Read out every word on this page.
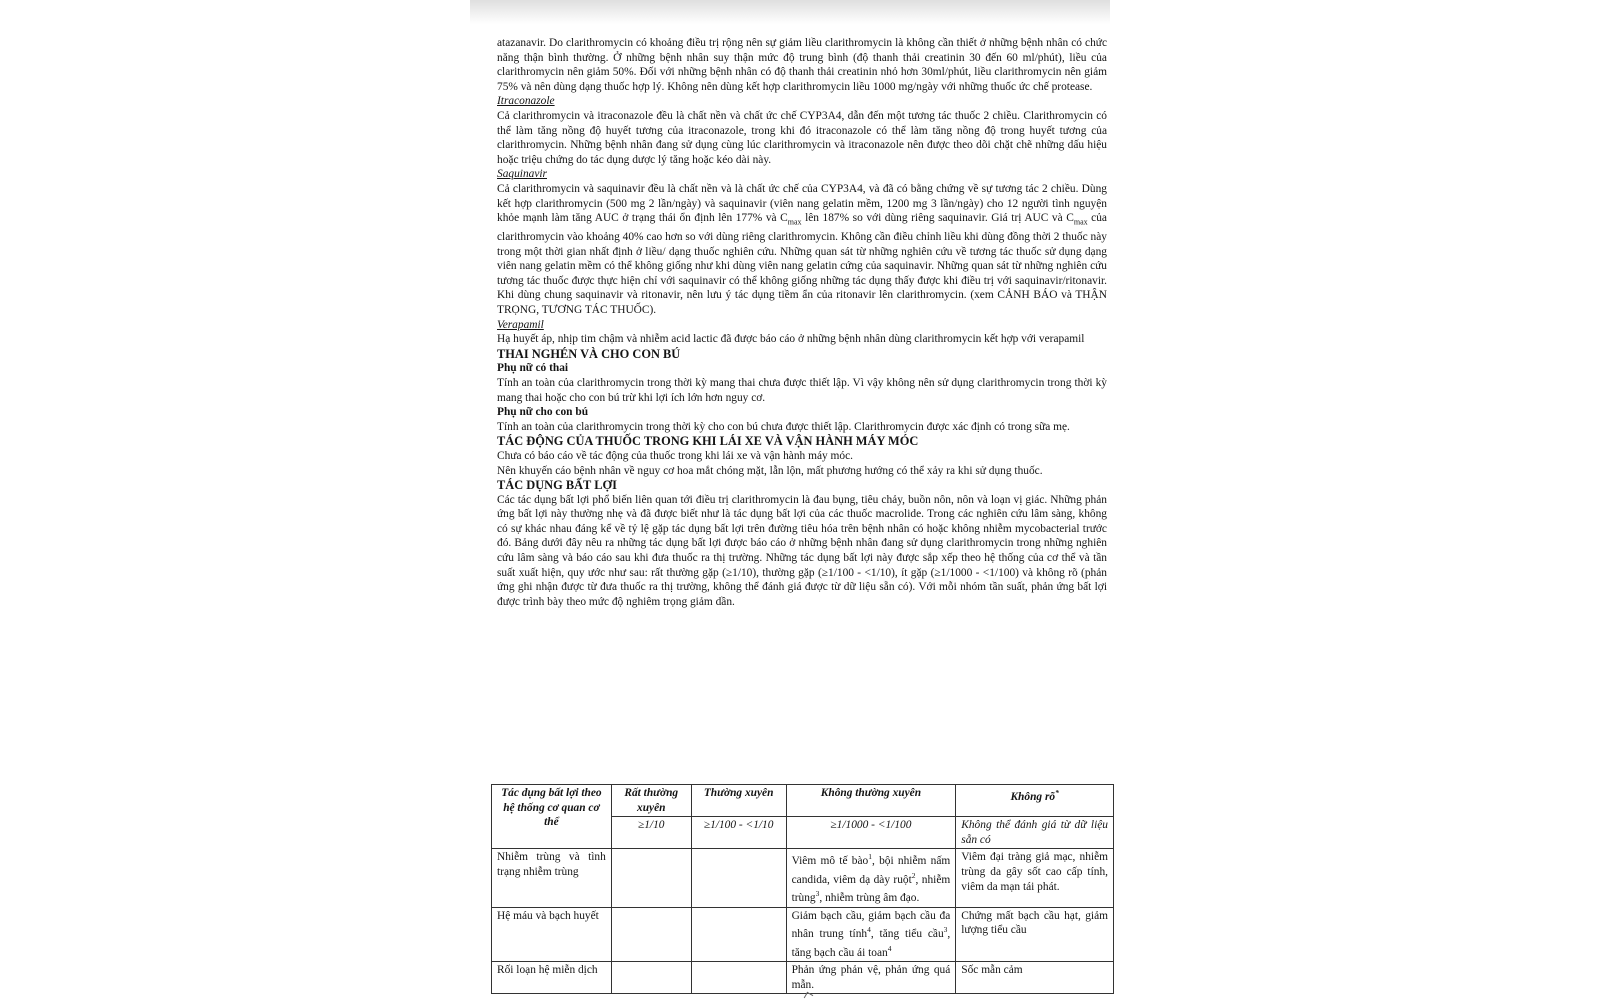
atazanavir. Do clarithromycin có khoảng điều trị rộng nên sự giảm liều clarithromycin là không cần thiết ở những bệnh nhân có chức năng thận bình thường. Ở những bệnh nhân suy thận mức độ trung bình (độ thanh thải creatinin 30 đến 60 ml/phút), liều của clarithromycin nên giảm 50%. Đối với những bệnh nhân có độ thanh thải creatinin nhỏ hơn 30ml/phút, liều clarithromycin nên giảm 75% và nên dùng dạng thuốc hợp lý. Không nên dùng kết hợp clarithromycin liều 1000 mg/ngày với những thuốc ức chế protease.

Itraconazole

Cả clarithromycin và itraconazole đều là chất nền và chất ức chế CYP3A4, dẫn đến một tương tác thuốc 2 chiều. Clarithromycin có thể làm tăng nồng độ huyết tương của itraconazole, trong khi đó itraconazole có thể làm tăng nồng độ trong huyết tương của clarithromycin. Những bệnh nhân đang sử dụng cùng lúc clarithromycin và itraconazole nên được theo dõi chặt chẽ những dấu hiệu hoặc triệu chứng do tác dụng dược lý tăng hoặc kéo dài này.

Saquinavir

Cả clarithromycin và saquinavir đều là chất nền và là chất ức chế của CYP3A4, và đã có bằng chứng về sự tương tác 2 chiều. Dùng kết hợp clarithromycin (500 mg 2 lần/ngày) và saquinavir (viên nang gelatin mềm, 1200 mg 3 lần/ngày) cho 12 người tình nguyện khỏe mạnh làm tăng AUC ở trạng thái ổn định lên 177% và $C_{max}$ lên 187% so với dùng riêng saquinavir. Giá trị AUC và $C_{max}$ của clarithromycin vào khoảng 40% cao hơn so với dùng riêng clarithromycin. Không cần điều chỉnh liều khi dùng đồng thời 2 thuốc này trong một thời gian nhất định ở liều/ dạng thuốc nghiên cứu. Những quan sát từ những nghiên cứu về tương tác thuốc sử dụng dạng viên nang gelatin mềm có thể không giống như khi dùng viên nang gelatin cứng của saquinavir. Những quan sát từ những nghiên cứu tương tác thuốc được thực hiện chỉ với saquinavir có thể không giống những tác dụng thấy được khi điều trị với saquinavir/ritonavir. Khi dùng chung saquinavir và ritonavir, nên lưu ý tác dụng tiềm ẩn của ritonavir lên clarithromycin. (xem CẢNH BÁO và THẬN TRỌNG, TƯƠNG TÁC THUỐC).

Verapamil

Hạ huyết áp, nhịp tim chậm và nhiễm acid lactic đã được báo cáo ở những bệnh nhân dùng clarithromycin kết hợp với verapamil

THAI NGHÉN VÀ CHO CON BÚ

Phụ nữ có thai

Tính an toàn của clarithromycin trong thời kỳ mang thai chưa được thiết lập. Vì vậy không nên sử dụng clarithromycin trong thời kỳ mang thai hoặc cho con bú trừ khi lợi ích lớn hơn nguy cơ.

Phụ nữ cho con bú

Tính an toàn của clarithromycin trong thời kỳ cho con bú chưa được thiết lập. Clarithromycin được xác định có trong sữa mẹ.

TÁC ĐỘNG CỦA THUỐC TRONG KHI LÁI XE VÀ VẬN HÀNH MÁY MÓC

Chưa có báo cáo về tác động của thuốc trong khi lái xe và vận hành máy móc.

Nên khuyến cáo bệnh nhân về nguy cơ hoa mắt chóng mặt, lẫn lộn, mất phương hướng có thể xảy ra khi sử dụng thuốc.

TÁC DỤNG BẤT LỢI

Các tác dụng bất lợi phổ biến liên quan tới điều trị clarithromycin là đau bụng, tiêu chảy, buồn nôn, nôn và loạn vị giác. Những phản ứng bất lợi này thường nhẹ và đã được biết như là tác dụng bất lợi của các thuốc macrolide. Trong các nghiên cứu lâm sàng, không có sự khác nhau đáng kể về tỷ lệ gặp tác dụng bất lợi trên đường tiêu hóa trên bệnh nhân có hoặc không nhiễm mycobacterial trước đó. Bảng dưới đây nêu ra những tác dụng bất lợi được báo cáo ở những bệnh nhân đang sử dụng clarithromycin trong những nghiên cứu lâm sàng và báo cáo sau khi đưa thuốc ra thị trường. Những tác dụng bất lợi này được sắp xếp theo hệ thống của cơ thể và tần suất xuất hiện, quy ước như sau: rất thường gặp (≥1/10), thường gặp (≥1/100 - <1/10), ít gặp (≥1/1000 - <1/100) và không rõ (phản ứng ghi nhận được từ đưa thuốc ra thị trường, không thể đánh giá được từ dữ liệu sẵn có). Với mỗi nhóm tần suất, phản ứng bất lợi được trình bày theo mức độ nghiêm trọng giảm dần.

Tác dụng bất lợi theo hệ thống cơ quan cơ thể	Rất thường xuyên	Thường xuyên	Không thường xuyên	Không rõ*
	≥1/10	≥1/100 - <1/10	≥1/1000 - <1/100	Không thể đánh giá từ dữ liệu sẵn có
Nhiễm trùng và tình trạng nhiễm trùng			Viêm mô tế bào$^1$, bội nhiễm nấm candida, viêm dạ dày ruột$^2$, nhiễm trùng$^3$, nhiễm trùng âm đạo.	Viêm đại tràng giả mạc, nhiễm trùng da gây sốt cao cấp tính, viêm da mạn tái phát.
Hệ máu và bạch huyết			Giảm bạch cầu, giảm bạch cầu đa nhân trung tính$^4$, tăng tiểu cầu$^3$, tăng bạch cầu ái toan$^4$	Chứng mất bạch cầu hạt, giảm lượng tiểu cầu
Rối loạn hệ miễn dịch			Phản ứng phản vệ, phản ứng quá mẫn.	Sốc mẫn cảm
